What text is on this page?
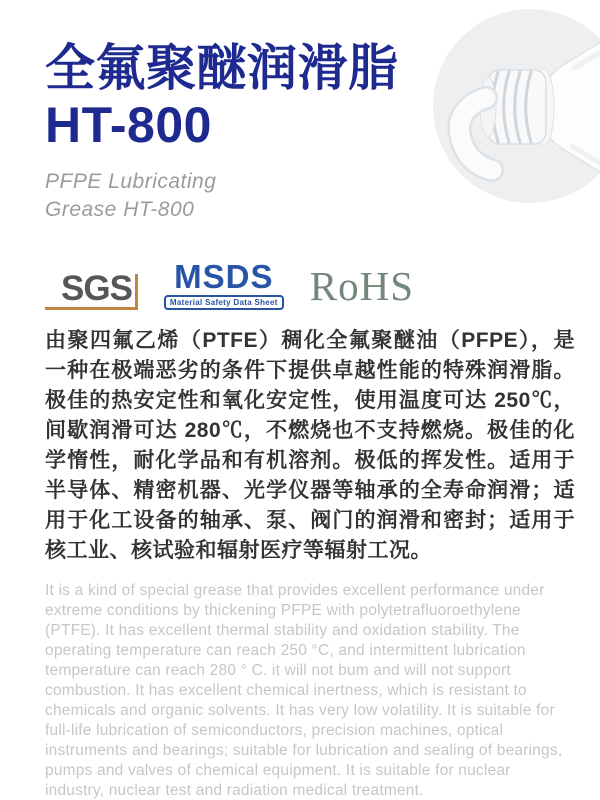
全氟聚醚润滑脂
HT-800
PFPE Lubricating
Grease HT-800
SGS MSDS
Material Safety Data Sheet RoHS

由聚四氟乙烯（PTFE）稠化全氟聚醚油（PFPE），是一种在极端恶劣的条件下提供卓越性能的特殊润滑脂。极佳的热安定性和氧化安定性，使用温度可达 250℃，间歇润滑可达 280℃，不燃烧也不支持燃烧。极佳的化学惰性，耐化学品和有机溶剂。极低的挥发性。适用于半导体、精密机器、光学仪器等轴承的全寿命润滑；适用于化工设备的轴承、泵、阀门的润滑和密封；适用于核工业、核试验和辐射医疗等辐射工况。

It is a kind of special grease that provides excellent performance under extreme conditions by thickening PFPE with polytetrafluoroethylene (PTFE). It has excellent thermal stability and oxidation stability. The operating temperature can reach 250 °C, and intermittent lubrication temperature can reach 280 ° C. it will not bum and will not support combustion. It has excellent chemical inertness, which is resistant to chemicals and organic solvents. It has very low volatility. It is suitable for full-life lubrication of semiconductors, precision machines, optical instruments and bearings; suitable for lubrication and sealing of bearings, pumps and valves of chemical equipment. It is suitable for nuclear industry, nuclear test and radiation medical treatment.
